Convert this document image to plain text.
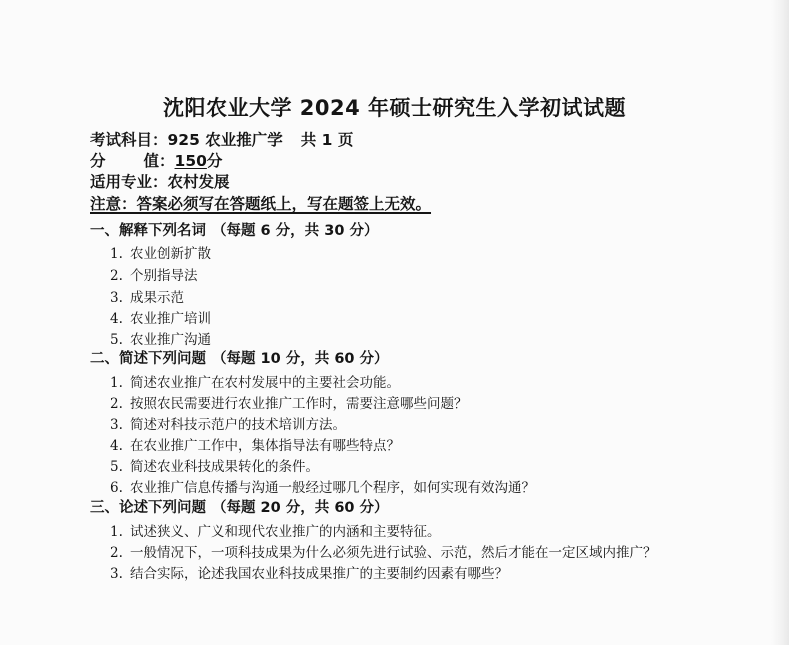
沈阳农业大学 2024 年硕士研究生入学初试试题
考试科目：925 农业推广学 共 1 页
分 值：150分
适用专业：农村发展
注意：答案必须写在答题纸上，写在题签上无效。
一、解释下列名词 （每题 6 分，共 30 分）
1. 农业创新扩散
2. 个别指导法
3. 成果示范
4. 农业推广培训
5. 农业推广沟通
二、简述下列问题 （每题 10 分，共 60 分）
1. 简述农业推广在农村发展中的主要社会功能。
2. 按照农民需要进行农业推广工作时，需要注意哪些问题？
3. 简述对科技示范户的技术培训方法。
4. 在农业推广工作中，集体指导法有哪些特点？
5. 简述农业科技成果转化的条件。
6. 农业推广信息传播与沟通一般经过哪几个程序，如何实现有效沟通？
三、论述下列问题 （每题 20 分，共 60 分）
1. 试述狭义、广义和现代农业推广的内涵和主要特征。
2. 一般情况下，一项科技成果为什么必须先进行试验、示范，然后才能在一定区域内推广？
3. 结合实际，论述我国农业科技成果推广的主要制约因素有哪些？
